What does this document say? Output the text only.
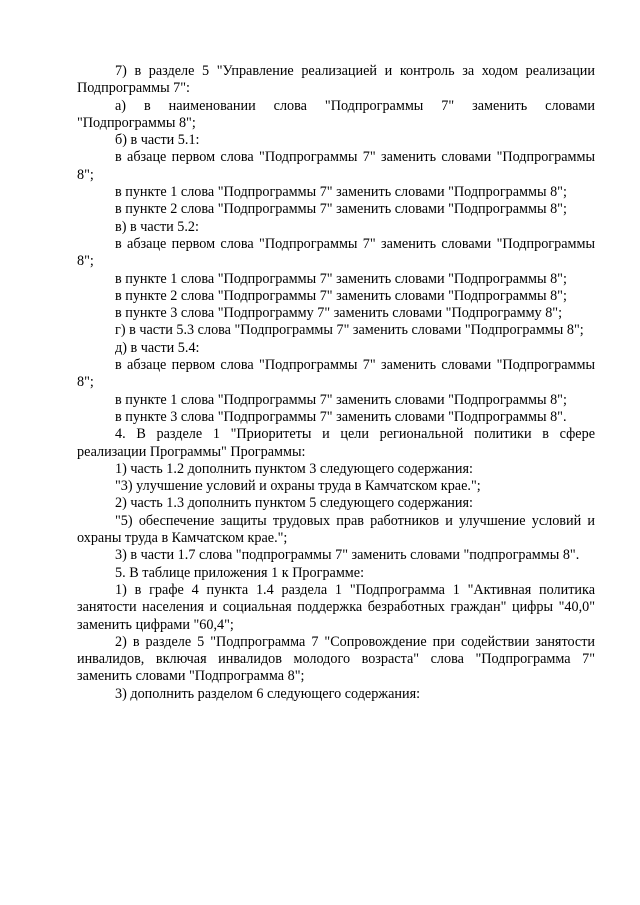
7) в разделе 5 "Управление реализацией и контроль за ходом реализации Подпрограммы 7":

а) в наименовании слова "Подпрограммы 7" заменить словами "Подпрограммы 8";

б) в части 5.1:

в абзаце первом слова "Подпрограммы 7" заменить словами "Подпрограммы 8";

в пункте 1 слова "Подпрограммы 7" заменить словами "Подпрограммы 8";

в пункте 2 слова "Подпрограммы 7" заменить словами "Подпрограммы 8";

в) в части 5.2:

в абзаце первом слова "Подпрограммы 7" заменить словами "Подпрограммы 8";

в пункте 1 слова "Подпрограммы 7" заменить словами "Подпрограммы 8";

в пункте 2 слова "Подпрограммы 7" заменить словами "Подпрограммы 8";

в пункте 3 слова "Подпрограмму 7" заменить словами "Подпрограмму 8";

г) в части 5.3 слова "Подпрограммы 7" заменить словами "Подпрограммы 8";

д) в части 5.4:

в абзаце первом слова "Подпрограммы 7" заменить словами "Подпрограммы 8";

в пункте 1 слова "Подпрограммы 7" заменить словами "Подпрограммы 8";

в пункте 3 слова "Подпрограммы 7" заменить словами "Подпрограммы 8".

4. В разделе 1 "Приоритеты и цели региональной политики в сфере реализации Программы" Программы:

1) часть 1.2 дополнить пунктом 3 следующего содержания:

"3) улучшение условий и охраны труда в Камчатском крае.";

2) часть 1.3 дополнить пунктом 5 следующего содержания:

"5) обеспечение защиты трудовых прав работников и улучшение условий и охраны труда в Камчатском крае.";

3) в части 1.7 слова "подпрограммы 7" заменить словами "подпрограммы 8".

5. В таблице приложения 1 к Программе:

1) в графе 4 пункта 1.4 раздела 1 "Подпрограмма 1 "Активная политика занятости населения и социальная поддержка безработных граждан" цифры "40,0" заменить цифрами "60,4";

2) в разделе 5 "Подпрограмма 7 "Сопровождение при содействии занятости инвалидов, включая инвалидов молодого возраста" слова "Подпрограмма 7" заменить словами "Подпрограмма 8";

3) дополнить разделом 6 следующего содержания:
